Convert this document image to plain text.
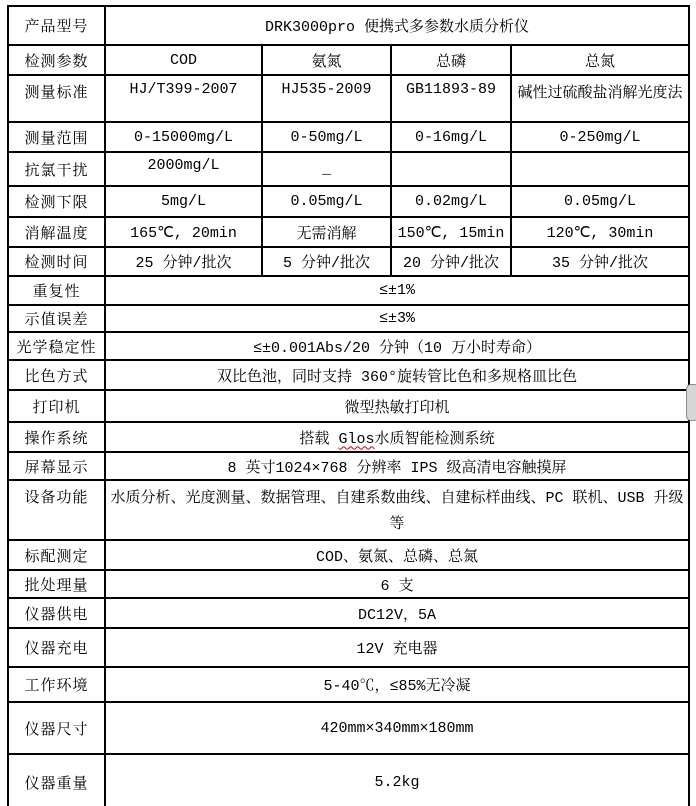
产品型号	DRK3000pro 便携式多参数水质分析仪			
检测参数	COD	氨氮	总磷	总氮
测量标准	HJ/T399-2007	HJ535-2009	GB11893-89	碱性过硫酸盐消解光度法
测量范围	0-15000mg/L	0-50mg/L	0-16mg/L	0-250mg/L
抗氯干扰	2000mg/L	_		
检测下限	5mg/L	0.05mg/L	0.02mg/L	0.05mg/L
消解温度	165℃, 20min	无需消解	150℃, 15min	120℃, 30min
检测时间	25 分钟/批次	5 分钟/批次	20 分钟/批次	35 分钟/批次
重复性	≤±1%			
示值误差	≤±3%			
光学稳定性	≤±0.001Abs/20 分钟（10 万小时寿命）			
比色方式	双比色池，同时支持 360°旋转管比色和多规格皿比色			
打印机	微型热敏打印机			
操作系统	搭载 Glos水质智能检测系统			
屏幕显示	8 英寸1024×768 分辨率 IPS 级高清电容触摸屏			
设备功能	水质分析、光度测量、数据管理、自建系数曲线、自建标样曲线、PC 联机、USB 升级等			
标配测定	COD、氨氮、总磷、总氮			
批处理量	6 支			
仪器供电	DC12V，5A			
仪器充电	12V 充电器			
工作环境	5-40℃，≤85%无冷凝			
仪器尺寸	420mm×340mm×180mm			
仪器重量	5.2kg			
